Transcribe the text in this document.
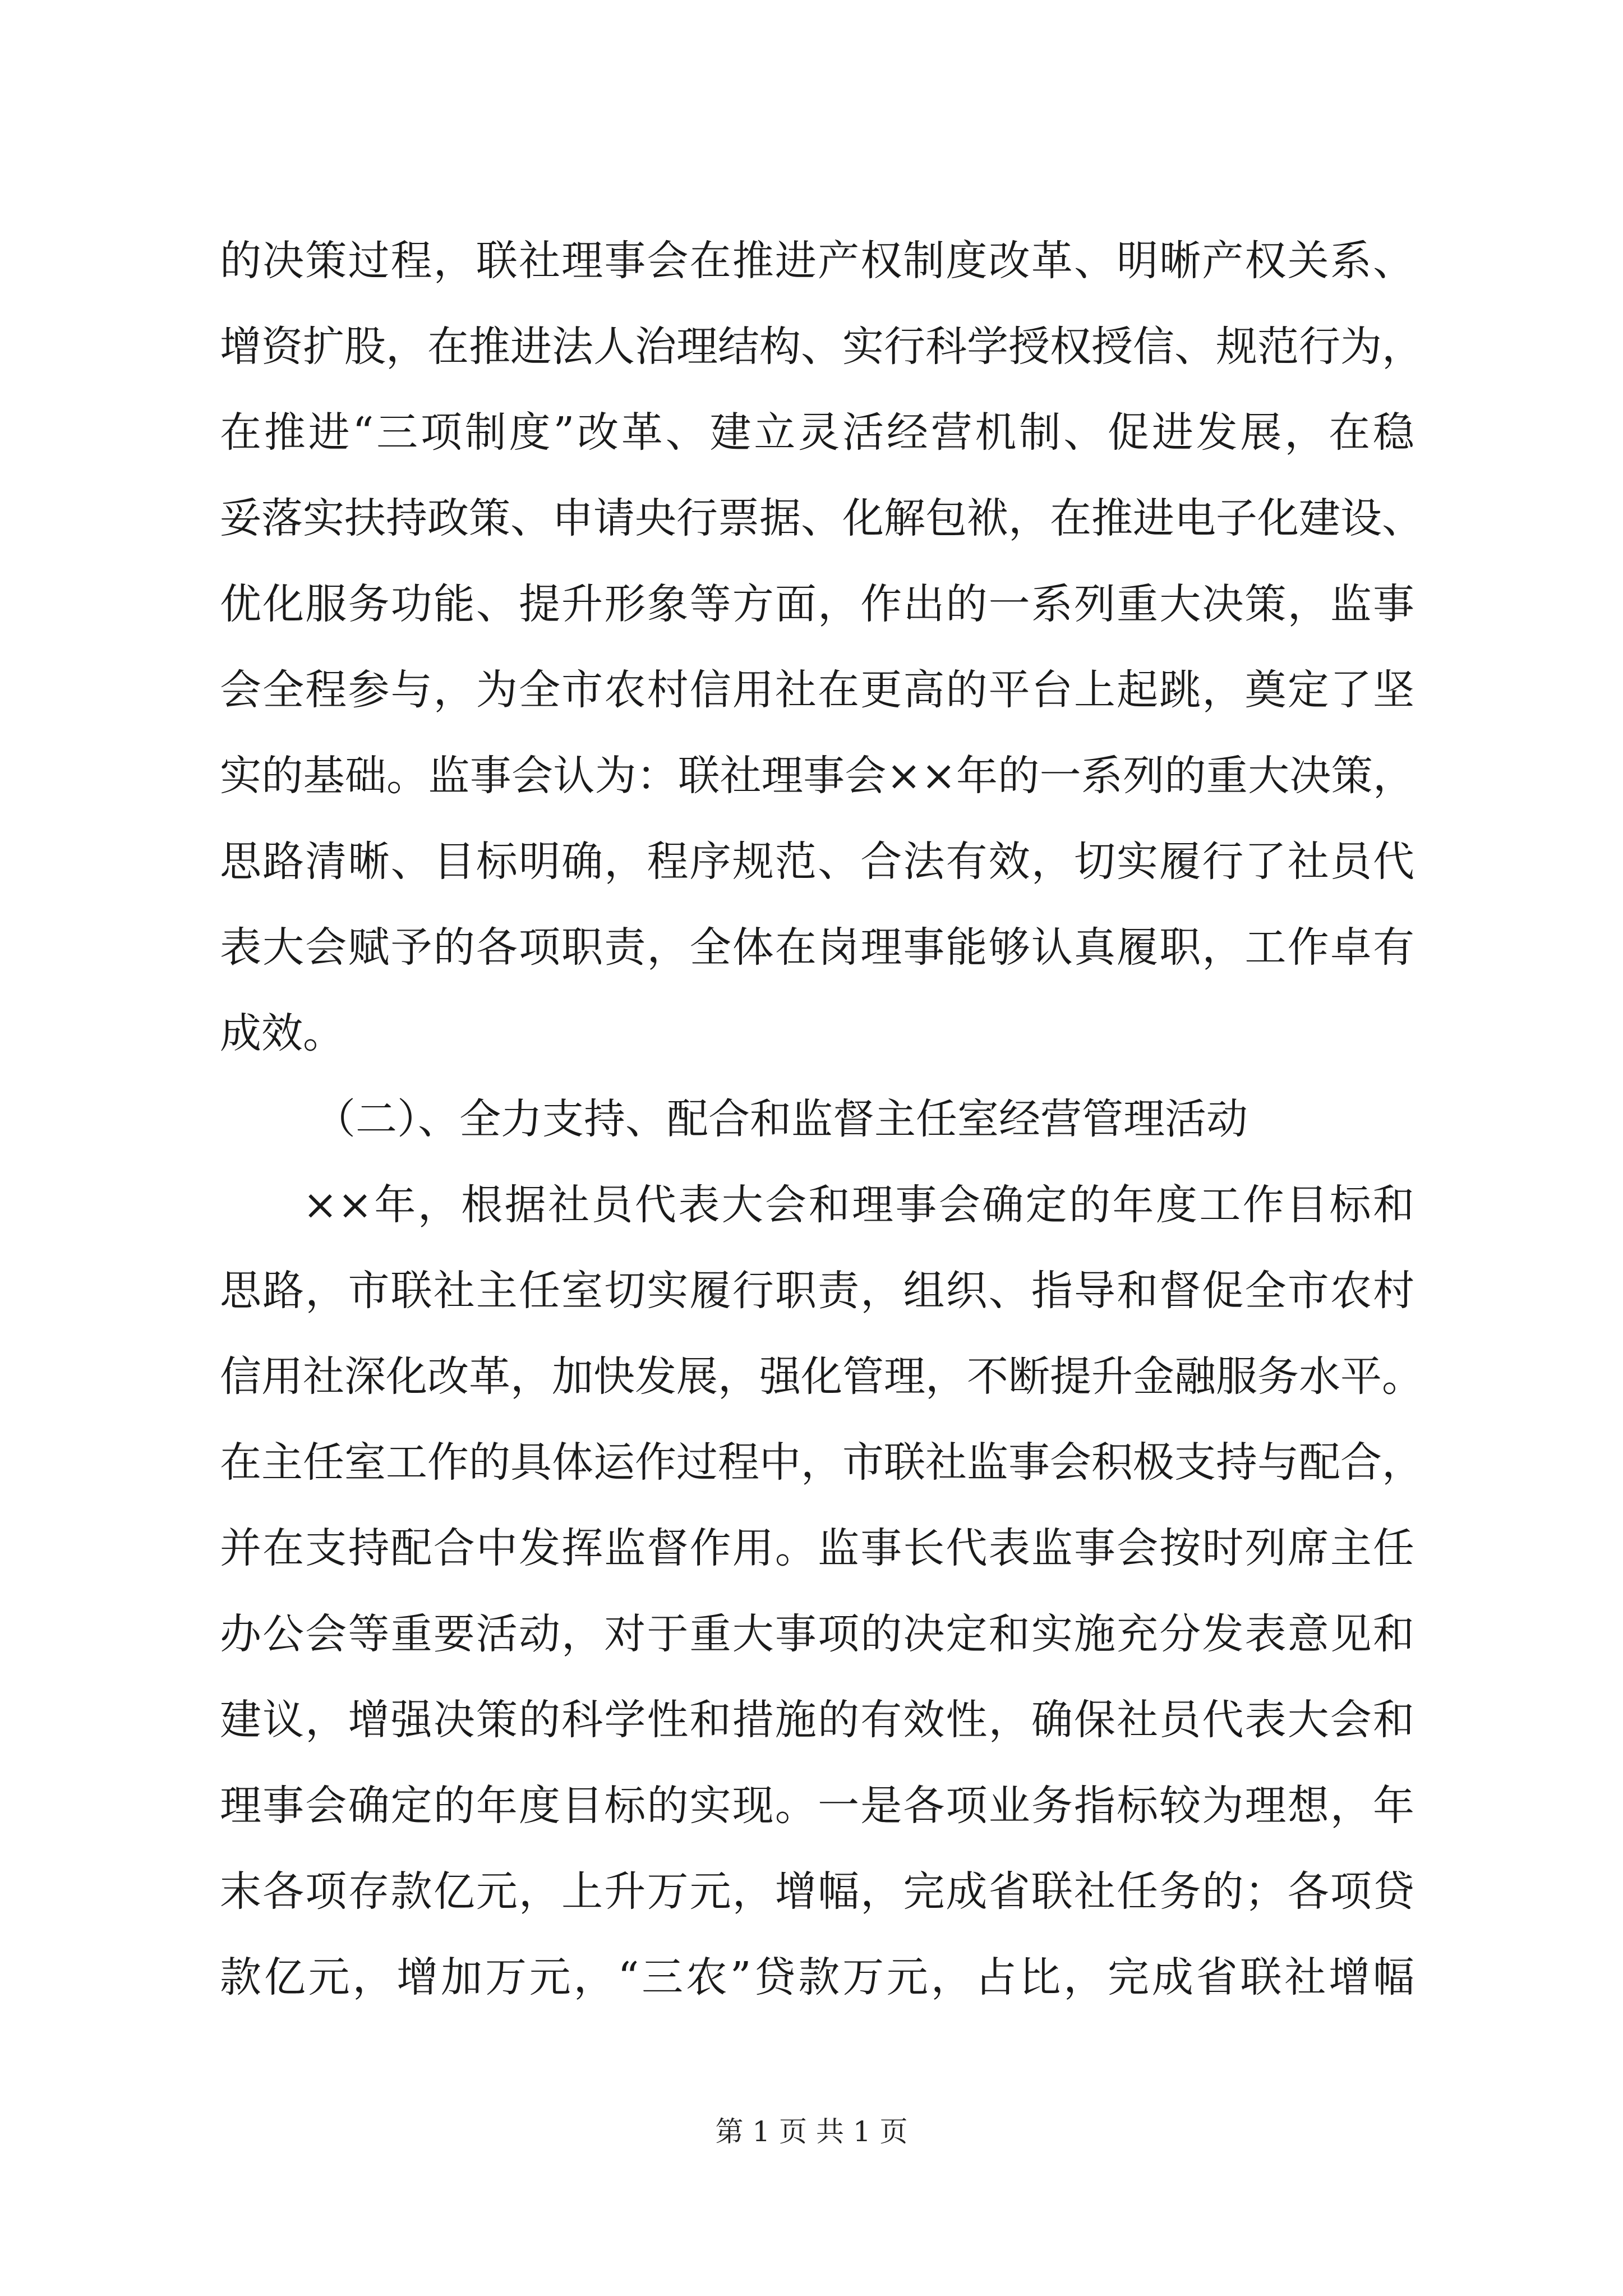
的决策过程，联社理事会在推进产权制度改革、明晰产权关系、
增资扩股，在推进法人治理结构、实行科学授权授信、规范行为，
在推进“三项制度”改革、建立灵活经营机制、促进发展，在稳
妥落实扶持政策、申请央行票据、化解包袱，在推进电子化建设、
优化服务功能、提升形象等方面，作出的一系列重大决策，监事
会全程参与，为全市农村信用社在更高的平台上起跳，奠定了坚
实的基础。监事会认为：联社理事会××年的一系列的重大决策，
思路清晰、目标明确，程序规范、合法有效，切实履行了社员代
表大会赋予的各项职责，全体在岗理事能够认真履职，工作卓有
成效。
（二）、全力支持、配合和监督主任室经营管理活动
××年，根据社员代表大会和理事会确定的年度工作目标和
思路，市联社主任室切实履行职责，组织、指导和督促全市农村
信用社深化改革，加快发展，强化管理，不断提升金融服务水平。
在主任室工作的具体运作过程中，市联社监事会积极支持与配合，
并在支持配合中发挥监督作用。监事长代表监事会按时列席主任
办公会等重要活动，对于重大事项的决定和实施充分发表意见和
建议，增强决策的科学性和措施的有效性，确保社员代表大会和
理事会确定的年度目标的实现。一是各项业务指标较为理想，年
末各项存款亿元，上升万元，增幅，完成省联社任务的；各项贷
款亿元，增加万元，“三农”贷款万元，占比，完成省联社增幅
第 1 页 共 1 页
